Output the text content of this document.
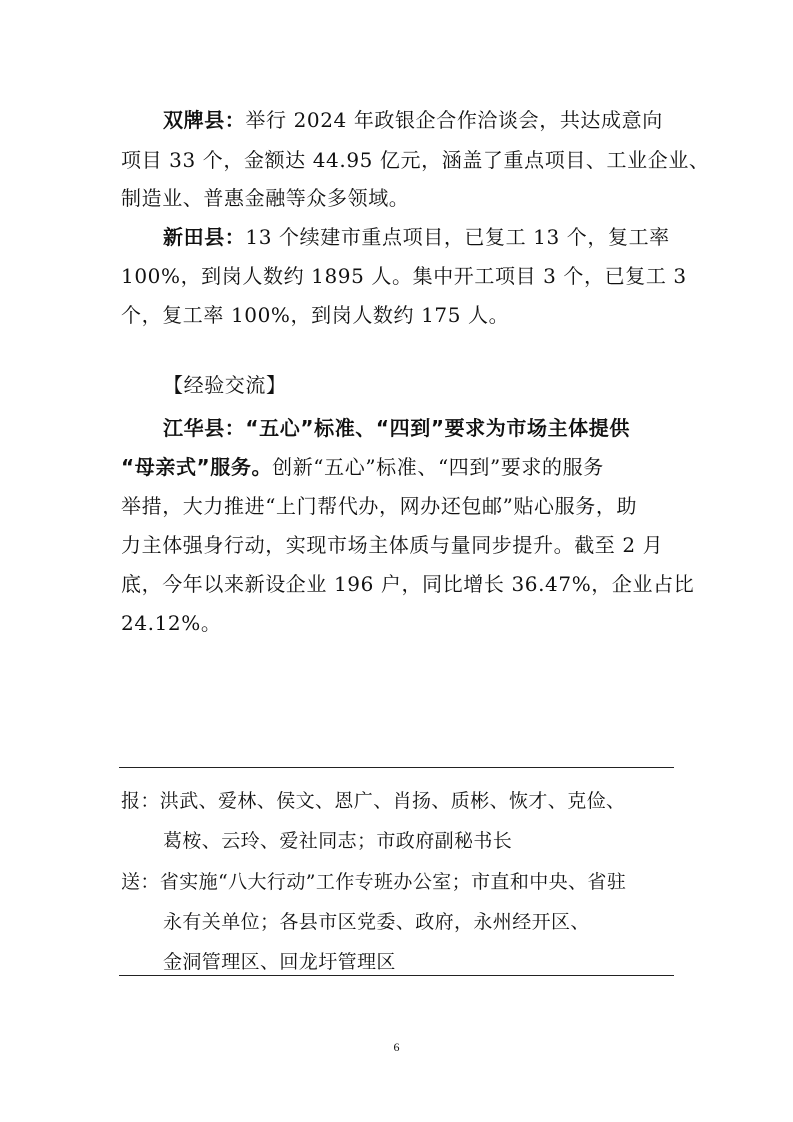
双牌县：举行 2024 年政银企合作洽谈会，共达成意向
项目 33 个，金额达 44.95 亿元，涵盖了重点项目、工业企业、
制造业、普惠金融等众多领域。
新田县：13 个续建市重点项目，已复工 13 个，复工率
100%，到岗人数约 1895 人。集中开工项目 3 个，已复工 3
个，复工率 100%，到岗人数约 175 人。
【经验交流】
江华县：“五心”标准、“四到”要求为市场主体提供
“母亲式”服务。创新“五心”标准、“四到”要求的服务
举措，大力推进“上门帮代办，网办还包邮”贴心服务，助
力主体强身行动，实现市场主体质与量同步提升。截至 2 月
底，今年以来新设企业 196 户，同比增长 36.47%，企业占比
24.12%。
报：洪武、爱林、侯文、恩广、肖扬、质彬、恢才、克俭、
葛桉、云玲、爱社同志；市政府副秘书长
送：省实施“八大行动”工作专班办公室；市直和中央、省驻
永有关单位；各县市区党委、政府，永州经开区、
金洞管理区、回龙圩管理区
6
